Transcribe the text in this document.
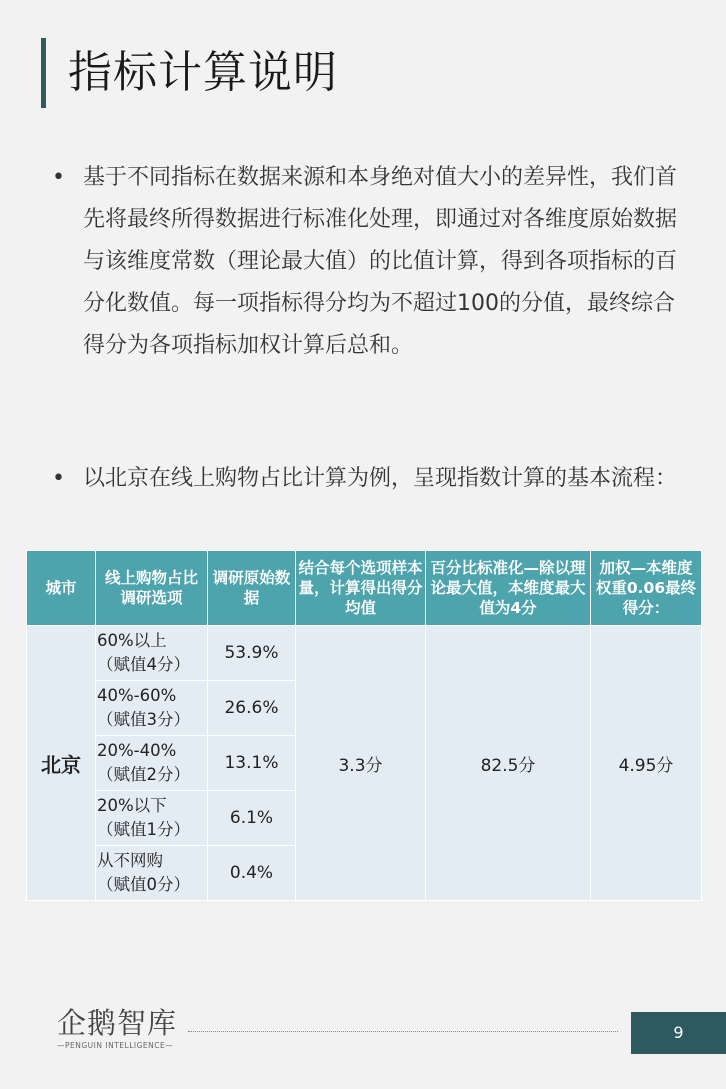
指标计算说明
• 基于不同指标在数据来源和本身绝对值大小的差异性，我们首先将最终所得数据进行标准化处理，即通过对各维度原始数据与该维度常数（理论最大值）的比值计算，得到各项指标的百分化数值。每一项指标得分均为不超过100的分值，最终综合得分为各项指标加权计算后总和。
• 以北京在线上购物占比计算为例，呈现指数计算的基本流程：
城市	线上购物占比调研选项	调研原始数据	结合每个选项样本量，计算得出得分均值	百分比标准化—除以理论最大值，本维度最大值为4分	加权—本维度权重0.06最终得分：
北京	60%以上
（赋值4分）	53.9%	3.3分	82.5分	4.95分

	40%-60%
（赋值3分）	26.6%			

	20%-40%
（赋值2分）	13.1%			

	20%以下
（赋值1分）	6.1%			

	从不网购
（赋值0分）	0.4%			
企鹅智库
—PENGUIN INTELLIGENCE—
9
